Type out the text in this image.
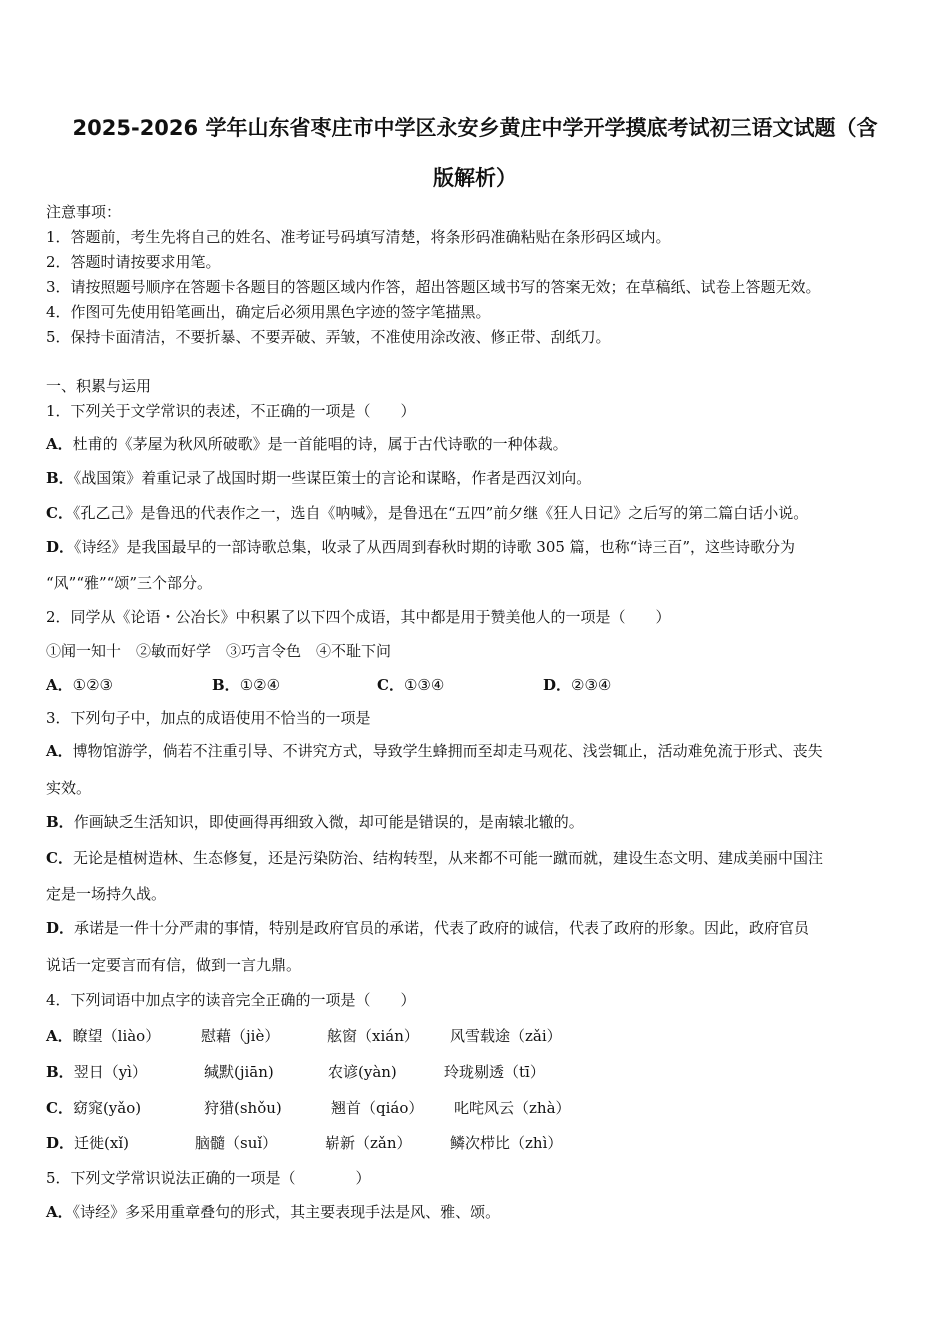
2025-2026 学年山东省枣庄市中学区永安乡黄庄中学开学摸底考试初三语文试题（含
版解析）
注意事项：
1．答题前，考生先将自己的姓名、准考证号码填写清楚，将条形码准确粘贴在条形码区域内。
2．答题时请按要求用笔。
3．请按照题号顺序在答题卡各题目的答题区域内作答，超出答题区域书写的答案无效；在草稿纸、试卷上答题无效。
4．作图可先使用铅笔画出，确定后必须用黑色字迹的签字笔描黑。
5．保持卡面清洁，不要折暴、不要弄破、弄皱，不准使用涂改液、修正带、刮纸刀。
一、积累与运用
1．下列关于文学常识的表述，不正确的一项是（　　）
A．杜甫的《茅屋为秋风所破歌》是一首能唱的诗，属于古代诗歌的一种体裁。
B．《战国策》着重记录了战国时期一些谋臣策士的言论和谋略，作者是西汉刘向。
C．《孔乙己》是鲁迅的代表作之一，选自《呐喊》，是鲁迅在“五四”前夕继《狂人日记》之后写的第二篇白话小说。
D．《诗经》是我国最早的一部诗歌总集，收录了从西周到春秋时期的诗歌 305 篇，也称“诗三百”，这些诗歌分为
“风”“雅”“颂”三个部分。
2．同学从《论语・公冶长》中积累了以下四个成语，其中都是用于赞美他人的一项是（　　）
①闻一知十　②敏而好学　③巧言令色　④不耻下问
A．①②③	B．①②④	C．①③④	D．②③④
3．下列句子中，加点的成语使用不恰当的一项是
A．博物馆游学，倘若不注重引导、不讲究方式，导致学生蜂拥而至却走马观花、浅尝辄止，活动难免流于形式、丧失
实效。
B．作画缺乏生活知识，即使画得再细致入微，却可能是错误的，是南辕北辙的。
C．无论是植树造林、生态修复，还是污染防治、结构转型，从来都不可能一蹴而就，建设生态文明、建成美丽中国注
定是一场持久战。
D．承诺是一件十分严肃的事情，特别是政府官员的承诺，代表了政府的诚信，代表了政府的形象。因此，政府官员
说话一定要言而有信，做到一言九鼎。
4．下列词语中加点字的读音完全正确的一项是（　　）
A．瞭望（liào）	慰藉（jiè）	舷窗（xián） 风雪载途（zǎi）
B．翌日（yì）	缄默(jiān)	农谚(yàn)	玲珑剔透（tī）
C．窈窕(yǎo)	狩猎(shǒu)	翘首（qiáo） 叱咤风云（zhà）
D．迁徙(xǐ)	脑髓（suǐ）	崭新（zǎn）	鳞次栉比（zhì）
5．下列文学常识说法正确的一项是（　　　　）
A．《诗经》多采用重章叠句的形式，其主要表现手法是风、雅、颂。
